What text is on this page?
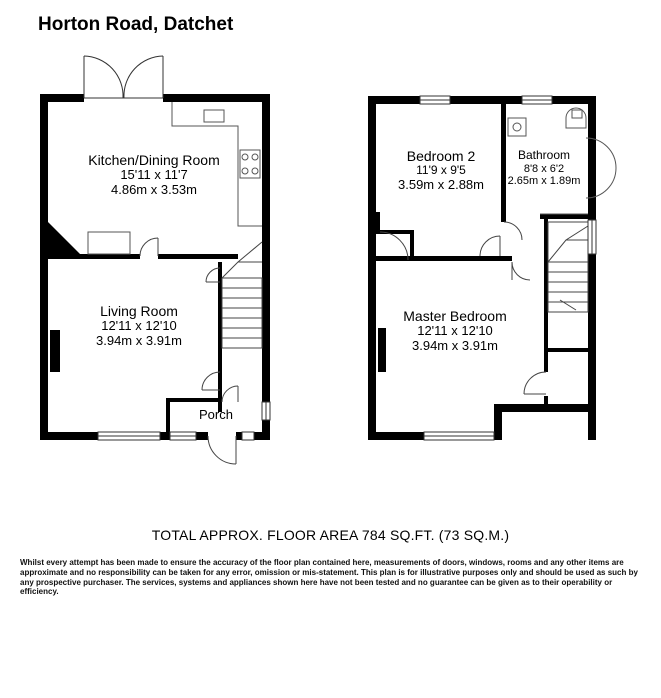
Horton Road, Datchet
Kitchen/Dining Room
15'11 x 11'7
4.86m x 3.53m
Living Room
12'11 x 12'10
3.94m x 3.91m
Porch
Bedroom 2
11'9 x 9'5
3.59m x 2.88m
Bathroom
8'8 x 6'2
2.65m x 1.89m
Master Bedroom
12'11 x 12'10
3.94m x 3.91m
TOTAL APPROX. FLOOR AREA 784 SQ.FT. (73 SQ.M.)
Whilst every attempt has been made to ensure the accuracy of the floor plan contained here, measurements of doors, windows, rooms and any other items are approximate and no responsibility can be taken for any error, omission or mis-statement. This plan is for illustrative purposes only and should be used as such by any prospective purchaser. The services, systems and appliances shown here have not been tested and no guarantee can be given as to their operability or efficiency.
